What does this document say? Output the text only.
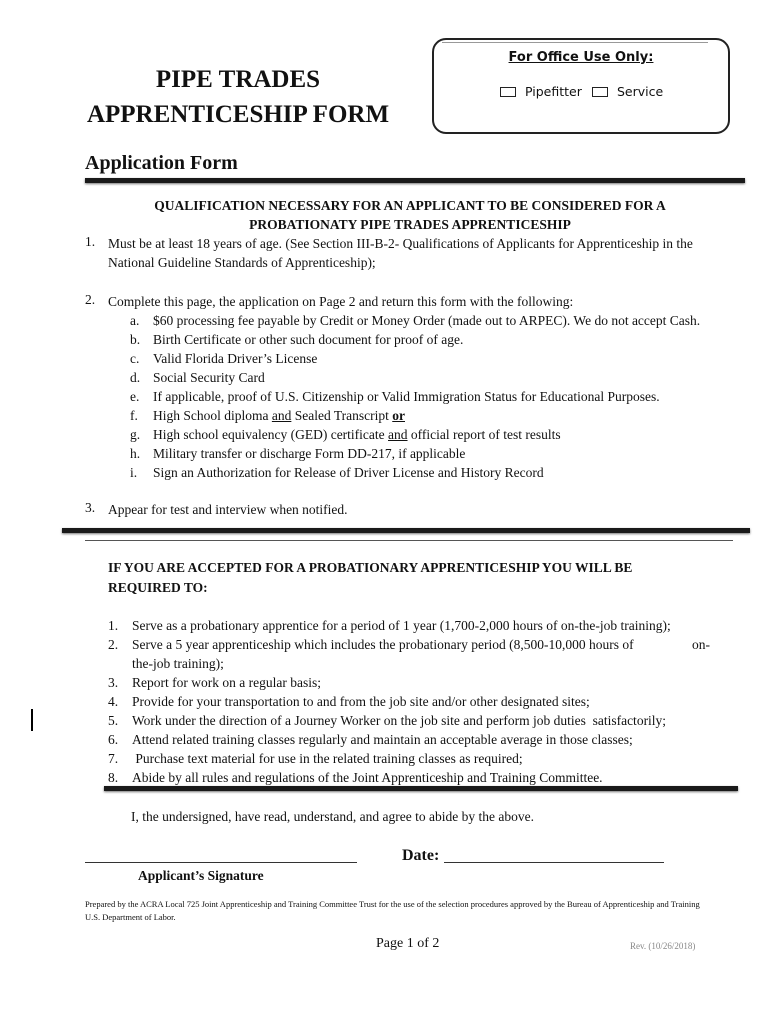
For Office Use Only:
Pipefitter	Service
PIPE TRADES
APPRENTICESHIP FORM
Application Form
QUALIFICATION NECESSARY FOR AN APPLICANT TO BE CONSIDERED FOR A
PROBATIONATY PIPE TRADES APPRENTICESHIP
1. Must be at least 18 years of age. (See Section III-B-2- Qualifications of Applicants for Apprenticeship in the
National Guideline Standards of Apprenticeship);
2. Complete this page, the application on Page 2 and return this form with the following:
a.	$60 processing fee payable by Credit or Money Order (made out to ARPEC). We do not accept Cash.
b. Birth Certificate or other such document for proof of age.
c.	Valid Florida Driver’s License
d. Social Security Card
e.	If applicable, proof of U.S. Citizenship or Valid Immigration Status for Educational Purposes.
f.	High School diploma and Sealed Transcript or
g. High school equivalency (GED) certificate and official report of test results
h. Military transfer or discharge Form DD-217, if applicable
i.	Sign an Authorization for Release of Driver License and History Record
3. Appear for test and interview when notified.
IF YOU ARE ACCEPTED FOR A PROBATIONARY APPRENTICESHIP YOU WILL BE
REQUIRED TO:
1.	Serve as a probationary apprentice for a period of 1 year (1,700-2,000 hours of on-the-job training);
2.	Serve a 5 year apprenticeship which includes the probationary period (8,500-10,000 hours of	on-
the-job training);
3.	Report for work on a regular basis;
4.	Provide for your transportation to and from the job site and/or other designated sites;
5.	Work under the direction of a Journey Worker on the job site and perform job duties  satisfactorily;
6.	Attend related training classes regularly and maintain an acceptable average in those classes;
7.	Purchase text material for use in the related training classes as required;
8.	Abide by all rules and regulations of the Joint Apprenticeship and Training Committee.
I, the undersigned, have read, understand, and agree to abide by the above.
Applicant’s Signature
Date:
Prepared by the ACRA Local 725 Joint Apprenticeship and Training Committee Trust for the use of the selection procedures approved by the Bureau of Apprenticeship and Training
U.S. Department of Labor.
Page 1 of 2	Rev. (10/26/2018)
